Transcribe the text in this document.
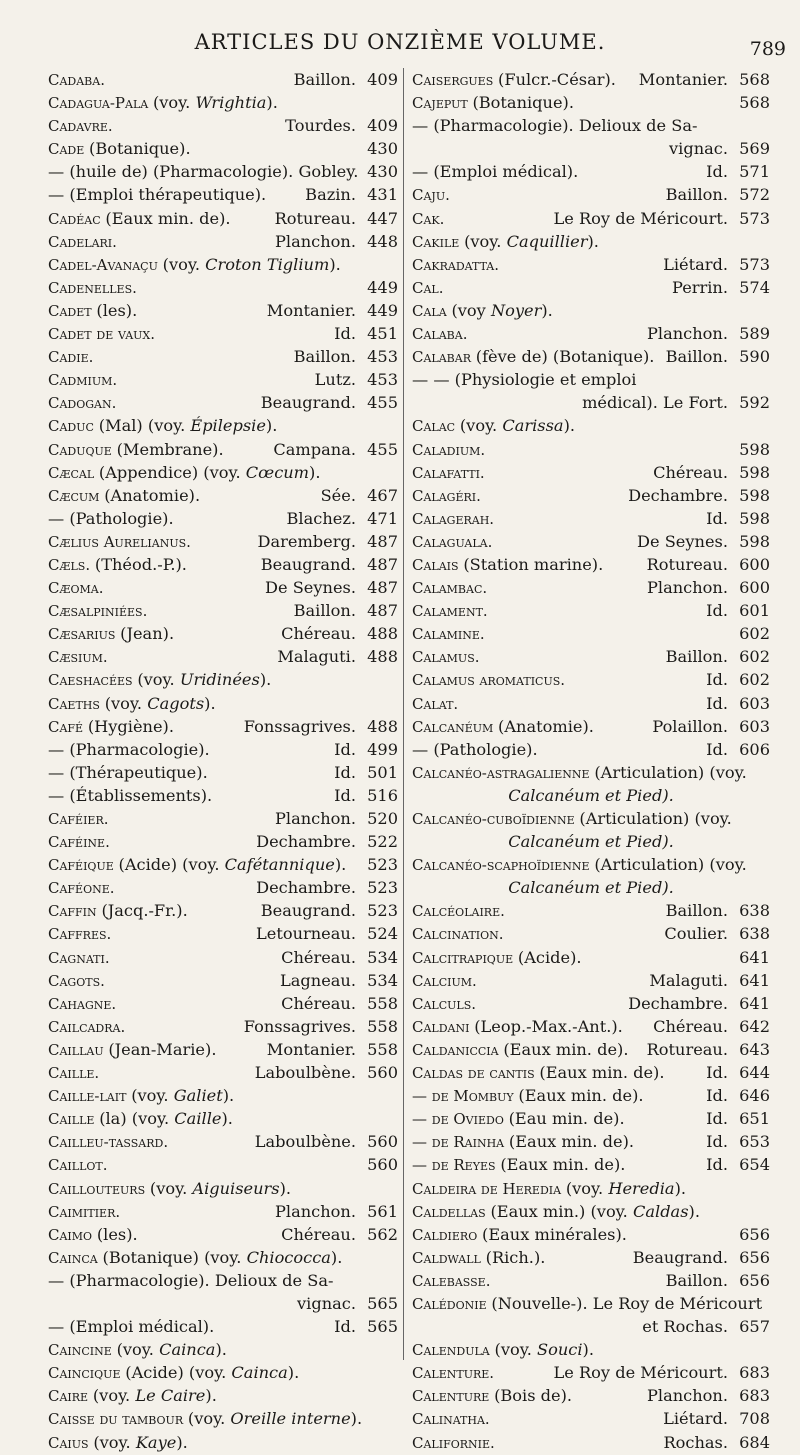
ARTICLES DU ONZIÈME VOLUME.	789
Cadaba.	Baillon. 409
Cadagua-Pala (voy. Wrightia).
Cadavre.	Tourdes. 409
Cade (Botanique).	430
— (huile de) (Pharmacologie). Gobley. 430
— (Emploi thérapeutique). Bazin. 431
Cadéac (Eaux min. de).	Rotureau. 447
Cadelari.	Planchon. 448
Cadel-Avanaçu (voy. Croton Tiglium).
Cadenelles.	449
Cadet (les).	Montanier. 449
Cadet de vaux.	Id. 451
Cadie.	Baillon. 453
Cadmium.	Lutz. 453
Cadogan.	Beaugrand. 455
Caduc (Mal) (voy. Épilepsie).
Caduque (Membrane).	Campana. 455
Cæcal (Appendice) (voy. Cœcum).
Cæcum (Anatomie).	Sée. 467
— (Pathologie).	Blachez. 471
Cælius Aurelianus.	Daremberg. 487
Cæls. (Théod.-P.).	Beaugrand. 487
Cæoma.	De Seynes. 487
Cæsalpiniées.	Baillon. 487
Cæsarius (Jean).	Chéreau. 488
Cæsium.	Malaguti. 488
Caeshacées (voy. Uridinées).
Caeths (voy. Cagots).
Café (Hygiène).	Fonssagrives. 488
— (Pharmacologie).	Id. 499
— (Thérapeutique).	Id. 501
— (Établissements).	Id. 516
Caféier.	Planchon. 520
Caféine.	Dechambre. 522
Caféique (Acide) (voy. Cafétannique).	523
Caféone.	Dechambre. 523
Caffin (Jacq.-Fr.).	Beaugrand. 523
Caffres.	Letourneau. 524
Cagnati.	Chéreau. 534
Cagots.	Lagneau. 534
Cahagne.	Chéreau. 558
Cailcadra.	Fonssagrives. 558
Caillau (Jean-Marie).	Montanier. 558
Caille.	Laboulbène. 560
Caille-lait (voy. Galiet).
Caille (la) (voy. Caille).
Cailleu-tassard.	Laboulbène. 560
Caillot.	560
Caillouteurs (voy. Aiguiseurs).
Caimitier.	Planchon. 561
Caimo (les).	Chéreau. 562
Cainca (Botanique) (voy. Chiococca).
— (Pharmacologie). Delioux de Sa-
vignac. 565
— (Emploi médical).	Id. 565
Caincine (voy. Cainca).
Caincique (Acide) (voy. Cainca).
Caire (voy. Le Caire).
Caisse du tambour (voy. Oreille interne).
Caius (voy. Kaye).
Caisergues (Fulcr.-César). Montanier. 568
Cajeput (Botanique).	568
— (Pharmacologie). Delioux de Sa-
vignac. 569
— (Emploi médical).	Id. 571
Caju.	Baillon. 572
Cak.	Le Roy de Méricourt. 573
Cakile (voy. Caquillier).
Cakradatta.	Liétard. 573
Cal.	Perrin. 574
Cala (voy Noyer).
Calaba.	Planchon. 589
Calabar (fève de) (Botanique). Baillon. 590
— — (Physiologie et emploi
médical). Le Fort. 592
Calac (voy. Carissa).
Caladium.	598
Calafatti.	Chéreau. 598
Calagéri.	Dechambre. 598
Calagerah.	Id. 598
Calaguala.	De Seynes. 598
Calais (Station marine).	Rotureau. 600
Calambac.	Planchon. 600
Calament.	Id. 601
Calamine.	602
Calamus.	Baillon. 602
Calamus aromaticus.	Id. 602
Calat.	Id. 603
Calcanéum (Anatomie).	Polaillon. 603
— (Pathologie).	Id. 606
Calcanéo-astragalienne (Articulation) (voy.
Calcanéum et Pied).
Calcanéo-cuboïdienne (Articulation) (voy.
Calcanéum et Pied).
Calcanéo-scaphoïdienne (Articulation) (voy.
Calcanéum et Pied).
Calcéolaire.	Baillon. 638
Calcination.	Coulier. 638
Calcitrapique (Acide).	641
Calcium.	Malaguti. 641
Calculs.	Dechambre. 641
Caldani (Leop.-Max.-Ant.). Chéreau. 642
Caldaniccia (Eaux min. de). Rotureau. 643
Caldas de cantis (Eaux min. de).	Id. 644
— de Mombuy (Eaux min. de).	Id. 646
— de Oviedo (Eau min. de).	Id. 651
— de Rainha (Eaux min. de).	Id. 653
— de Reyes (Eaux min. de).	Id. 654
Caldeira de Heredia (voy. Heredia).
Caldellas (Eaux min.) (voy. Caldas).
Caldiero (Eaux minérales).	656
Caldwall (Rich.).	Beaugrand. 656
Calebasse.	Baillon. 656
Calédonie (Nouvelle-). Le Roy de Méricourt
et Rochas. 657
Calendula (voy. Souci).
Calenture.	Le Roy de Méricourt. 683
Calenture (Bois de).	Planchon. 683
Calinatha.	Liétard. 708
Californie.	Rochas. 684
